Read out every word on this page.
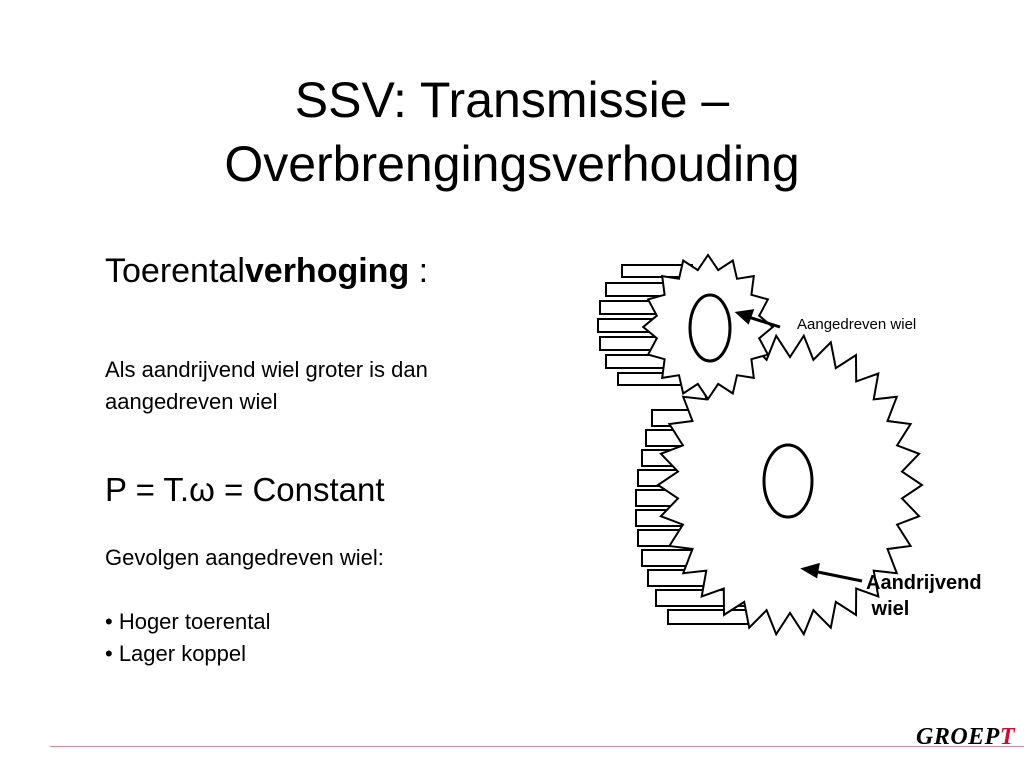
SSV: Transmissie –
Overbrengingsverhouding

Toerentalverhoging :

Als aandrijvend wiel groter is dan
aangedreven wiel

P = T.ω = Constant

Gevolgen aangedreven wiel:

• Hoger toerental
• Lager koppel
Aangedreven wiel
Aandrijvend
wiel
GROEPT
